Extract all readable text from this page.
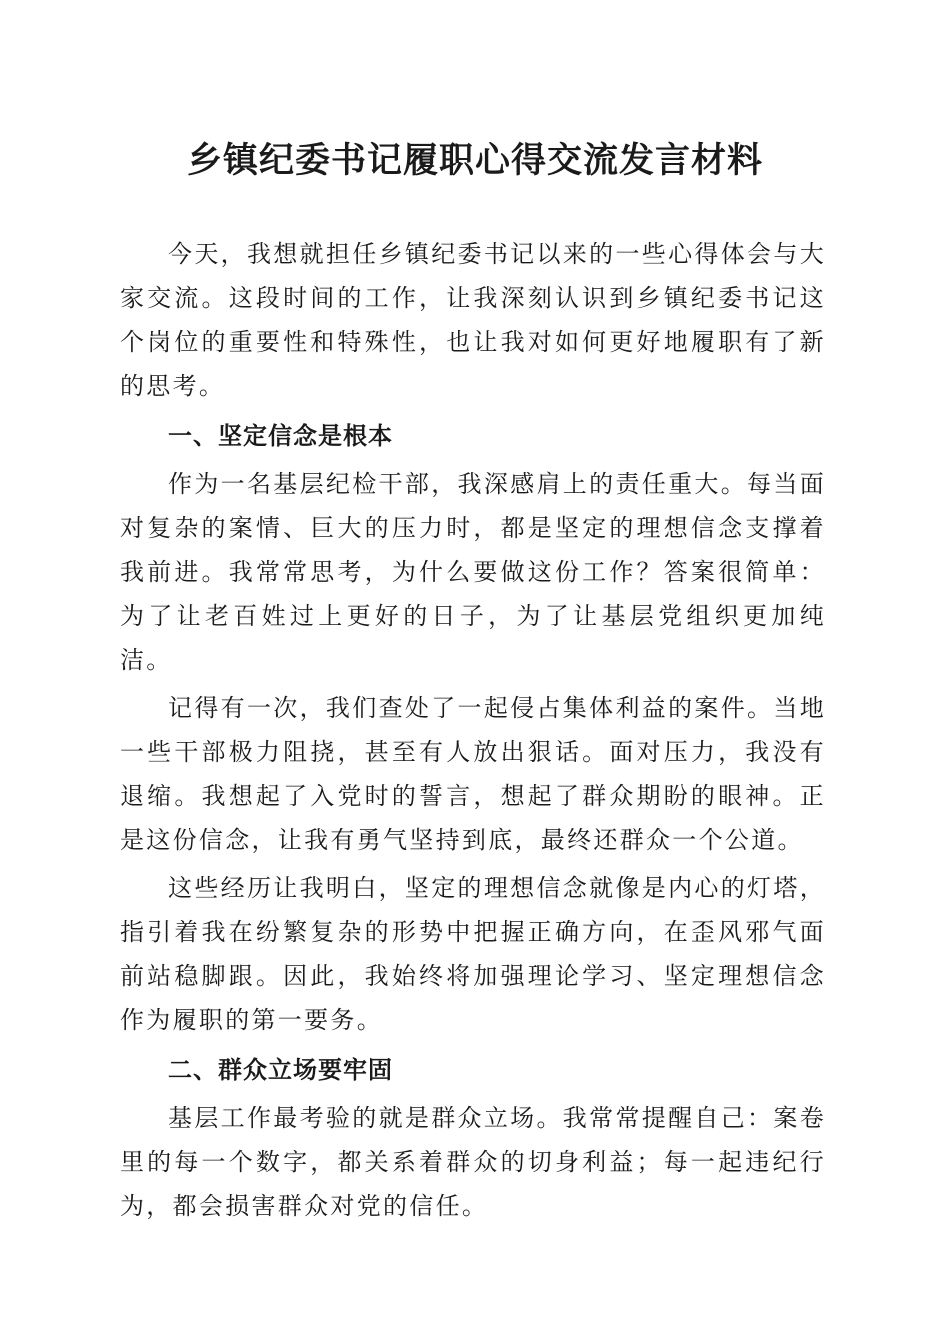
乡镇纪委书记履职心得交流发言材料

今天，我想就担任乡镇纪委书记以来的一些心得体会与大家交流。这段时间的工作，让我深刻认识到乡镇纪委书记这个岗位的重要性和特殊性，也让我对如何更好地履职有了新的思考。

一、坚定信念是根本

作为一名基层纪检干部，我深感肩上的责任重大。每当面对复杂的案情、巨大的压力时，都是坚定的理想信念支撑着我前进。我常常思考，为什么要做这份工作？答案很简单：为了让老百姓过上更好的日子，为了让基层党组织更加纯洁。

记得有一次，我们查处了一起侵占集体利益的案件。当地一些干部极力阻挠，甚至有人放出狠话。面对压力，我没有退缩。我想起了入党时的誓言，想起了群众期盼的眼神。正是这份信念，让我有勇气坚持到底，最终还群众一个公道。

这些经历让我明白，坚定的理想信念就像是内心的灯塔，指引着我在纷繁复杂的形势中把握正确方向，在歪风邪气面前站稳脚跟。因此，我始终将加强理论学习、坚定理想信念作为履职的第一要务。

二、群众立场要牢固

基层工作最考验的就是群众立场。我常常提醒自己：案卷里的每一个数字，都关系着群众的切身利益；每一起违纪行为，都会损害群众对党的信任。
